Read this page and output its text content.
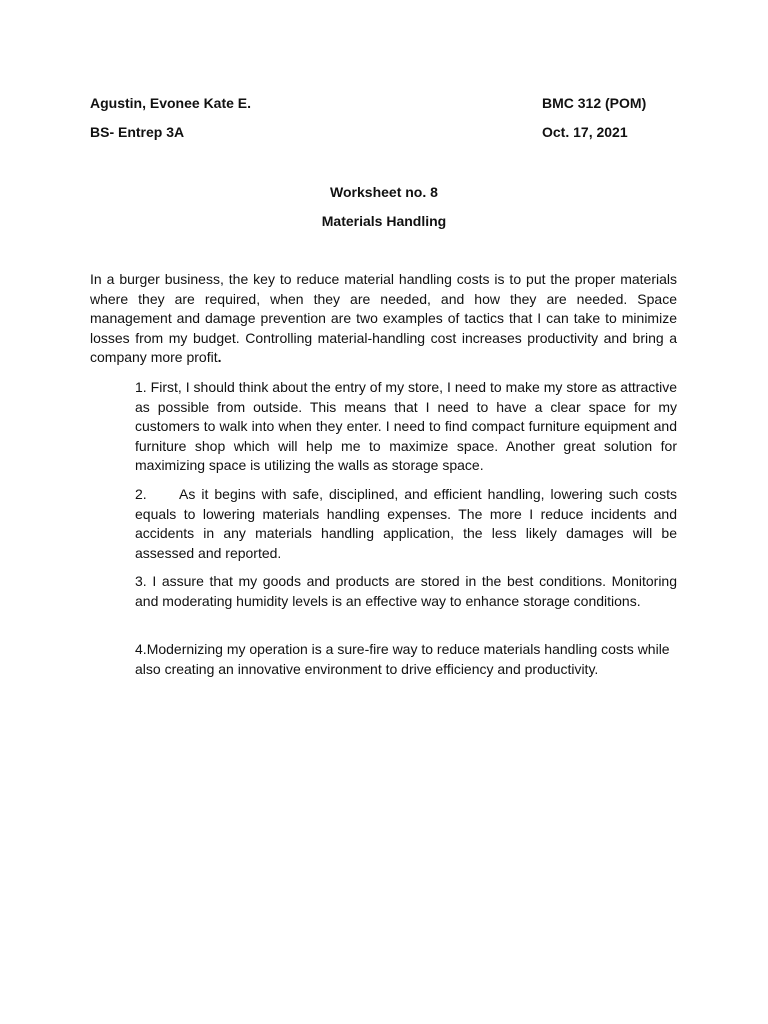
Agustin, Evonee Kate E.	BMC 312 (POM)
BS- Entrep 3A	Oct. 17, 2021
Worksheet no. 8
Materials Handling

In a burger business, the key to reduce material handling costs is to put the proper materials where they are required, when they are needed, and how they are needed. Space management and damage prevention are two examples of tactics that I can take to minimize losses from my budget. Controlling material-handling cost increases productivity and bring a company more profit.

1. First, I should think about the entry of my store, I need to make my store as attractive as possible from outside. This means that I need to have a clear space for my customers to walk into when they enter. I need to find compact furniture equipment and furniture shop which will help me to maximize space. Another great solution for maximizing space is utilizing the walls as storage space.

2. As it begins with safe, disciplined, and efficient handling, lowering such costs equals to lowering materials handling expenses. The more I reduce incidents and accidents in any materials handling application, the less likely damages will be assessed and reported.

3. I assure that my goods and products are stored in the best conditions. Monitoring and moderating humidity levels is an effective way to enhance storage conditions.

4.Modernizing my operation is a sure-fire way to reduce materials handling costs while also creating an innovative environment to drive efficiency and productivity.
